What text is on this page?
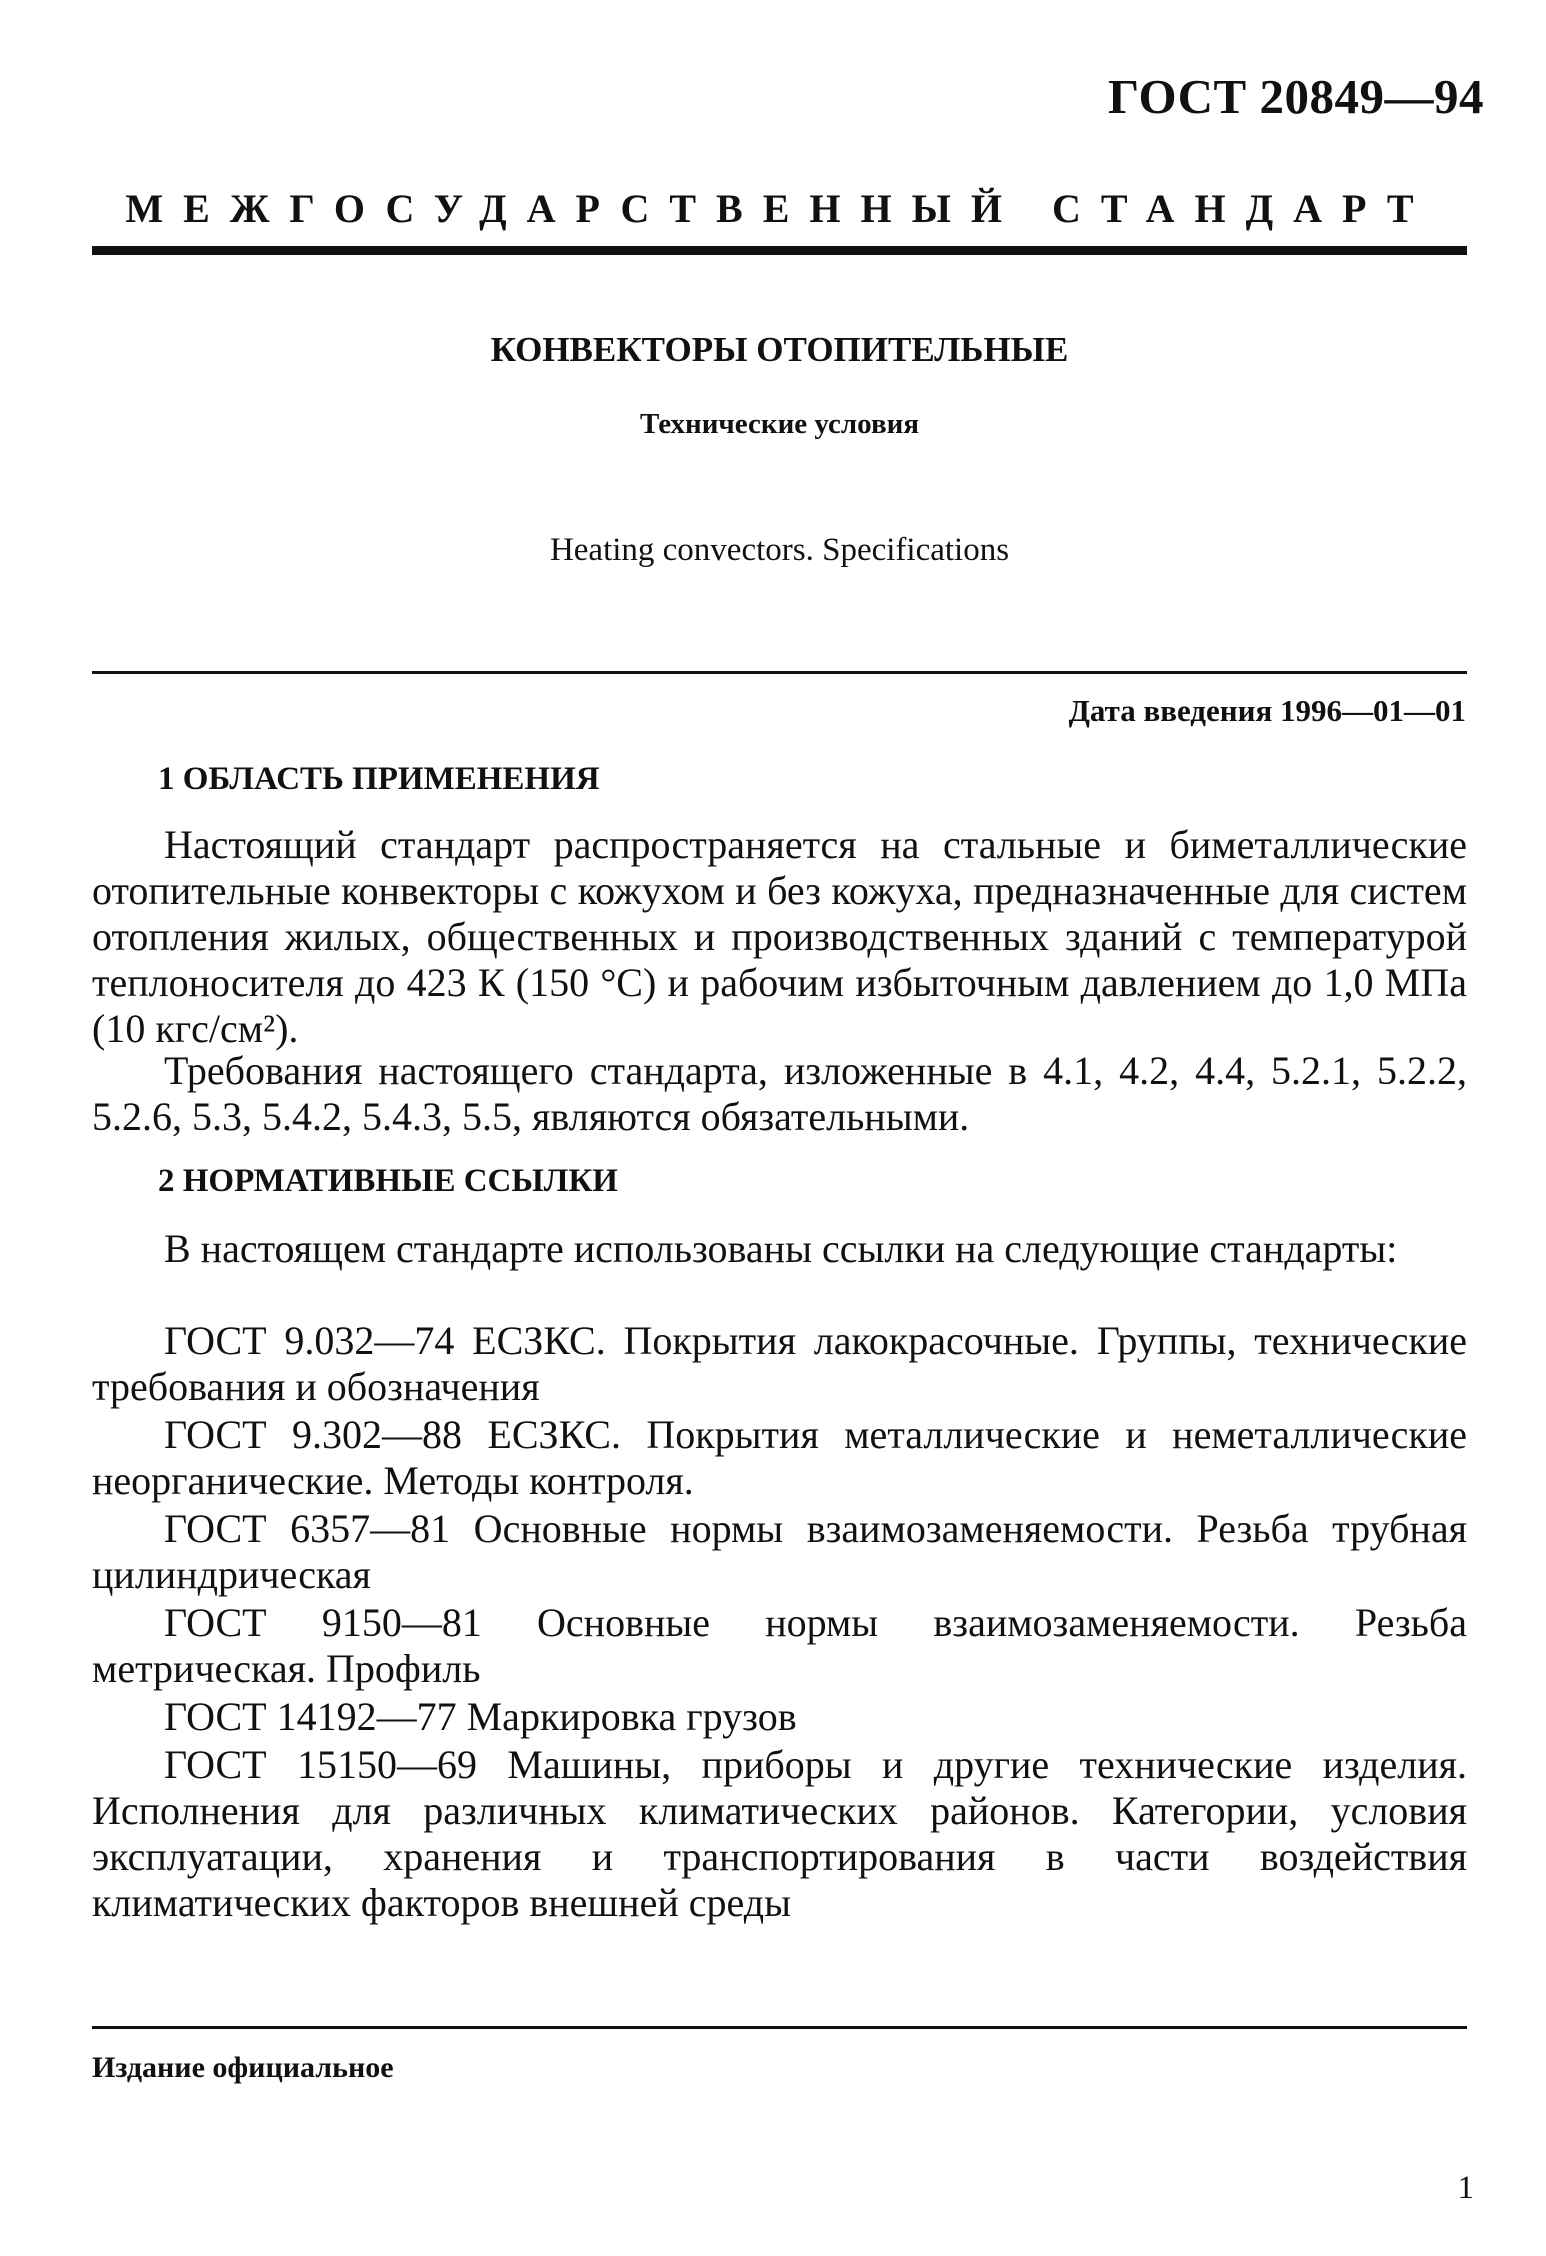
ГОСТ 20849—94
МЕЖГОСУДАРСТВЕННЫЙ СТАНДАРТ
КОНВЕКТОРЫ ОТОПИТЕЛЬНЫЕ
Технические условия
Heating convectors. Specifications
Дата введения 1996—01—01
1 ОБЛАСТЬ ПРИМЕНЕНИЯ

Настоящий стандарт распространяется на стальные и биметаллические отопительные конвекторы с кожухом и без кожуха, предназначенные для систем отопления жилых, общественных и производственных зданий с температурой теплоносителя до 423 К (150 °С) и рабочим избыточным давлением до 1,0 МПа (10 кгс/см²).

Требования настоящего стандарта, изложенные в 4.1, 4.2, 4.4, 5.2.1, 5.2.2, 5.2.6, 5.3, 5.4.2, 5.4.3, 5.5, являются обязательными.

2 НОРМАТИВНЫЕ ССЫЛКИ

В настоящем стандарте использованы ссылки на следующие стандарты:

ГОСТ 9.032—74 ЕСЗКС. Покрытия лакокрасочные. Группы, технические требования и обозначения
ГОСТ 9.302—88 ЕСЗКС. Покрытия металлические и неметаллические неорганические. Методы контроля.
ГОСТ 6357—81 Основные нормы взаимозаменяемости. Резьба трубная цилиндрическая
ГОСТ 9150—81 Основные нормы взаимозаменяемости. Резьба метрическая. Профиль
ГОСТ 14192—77 Маркировка грузов
ГОСТ 15150—69 Машины, приборы и другие технические изделия. Исполнения для различных климатических районов. Категории, условия эксплуатации, хранения и транспортирования в части воздействия климатических факторов внешней среды
Издание официальное
1
